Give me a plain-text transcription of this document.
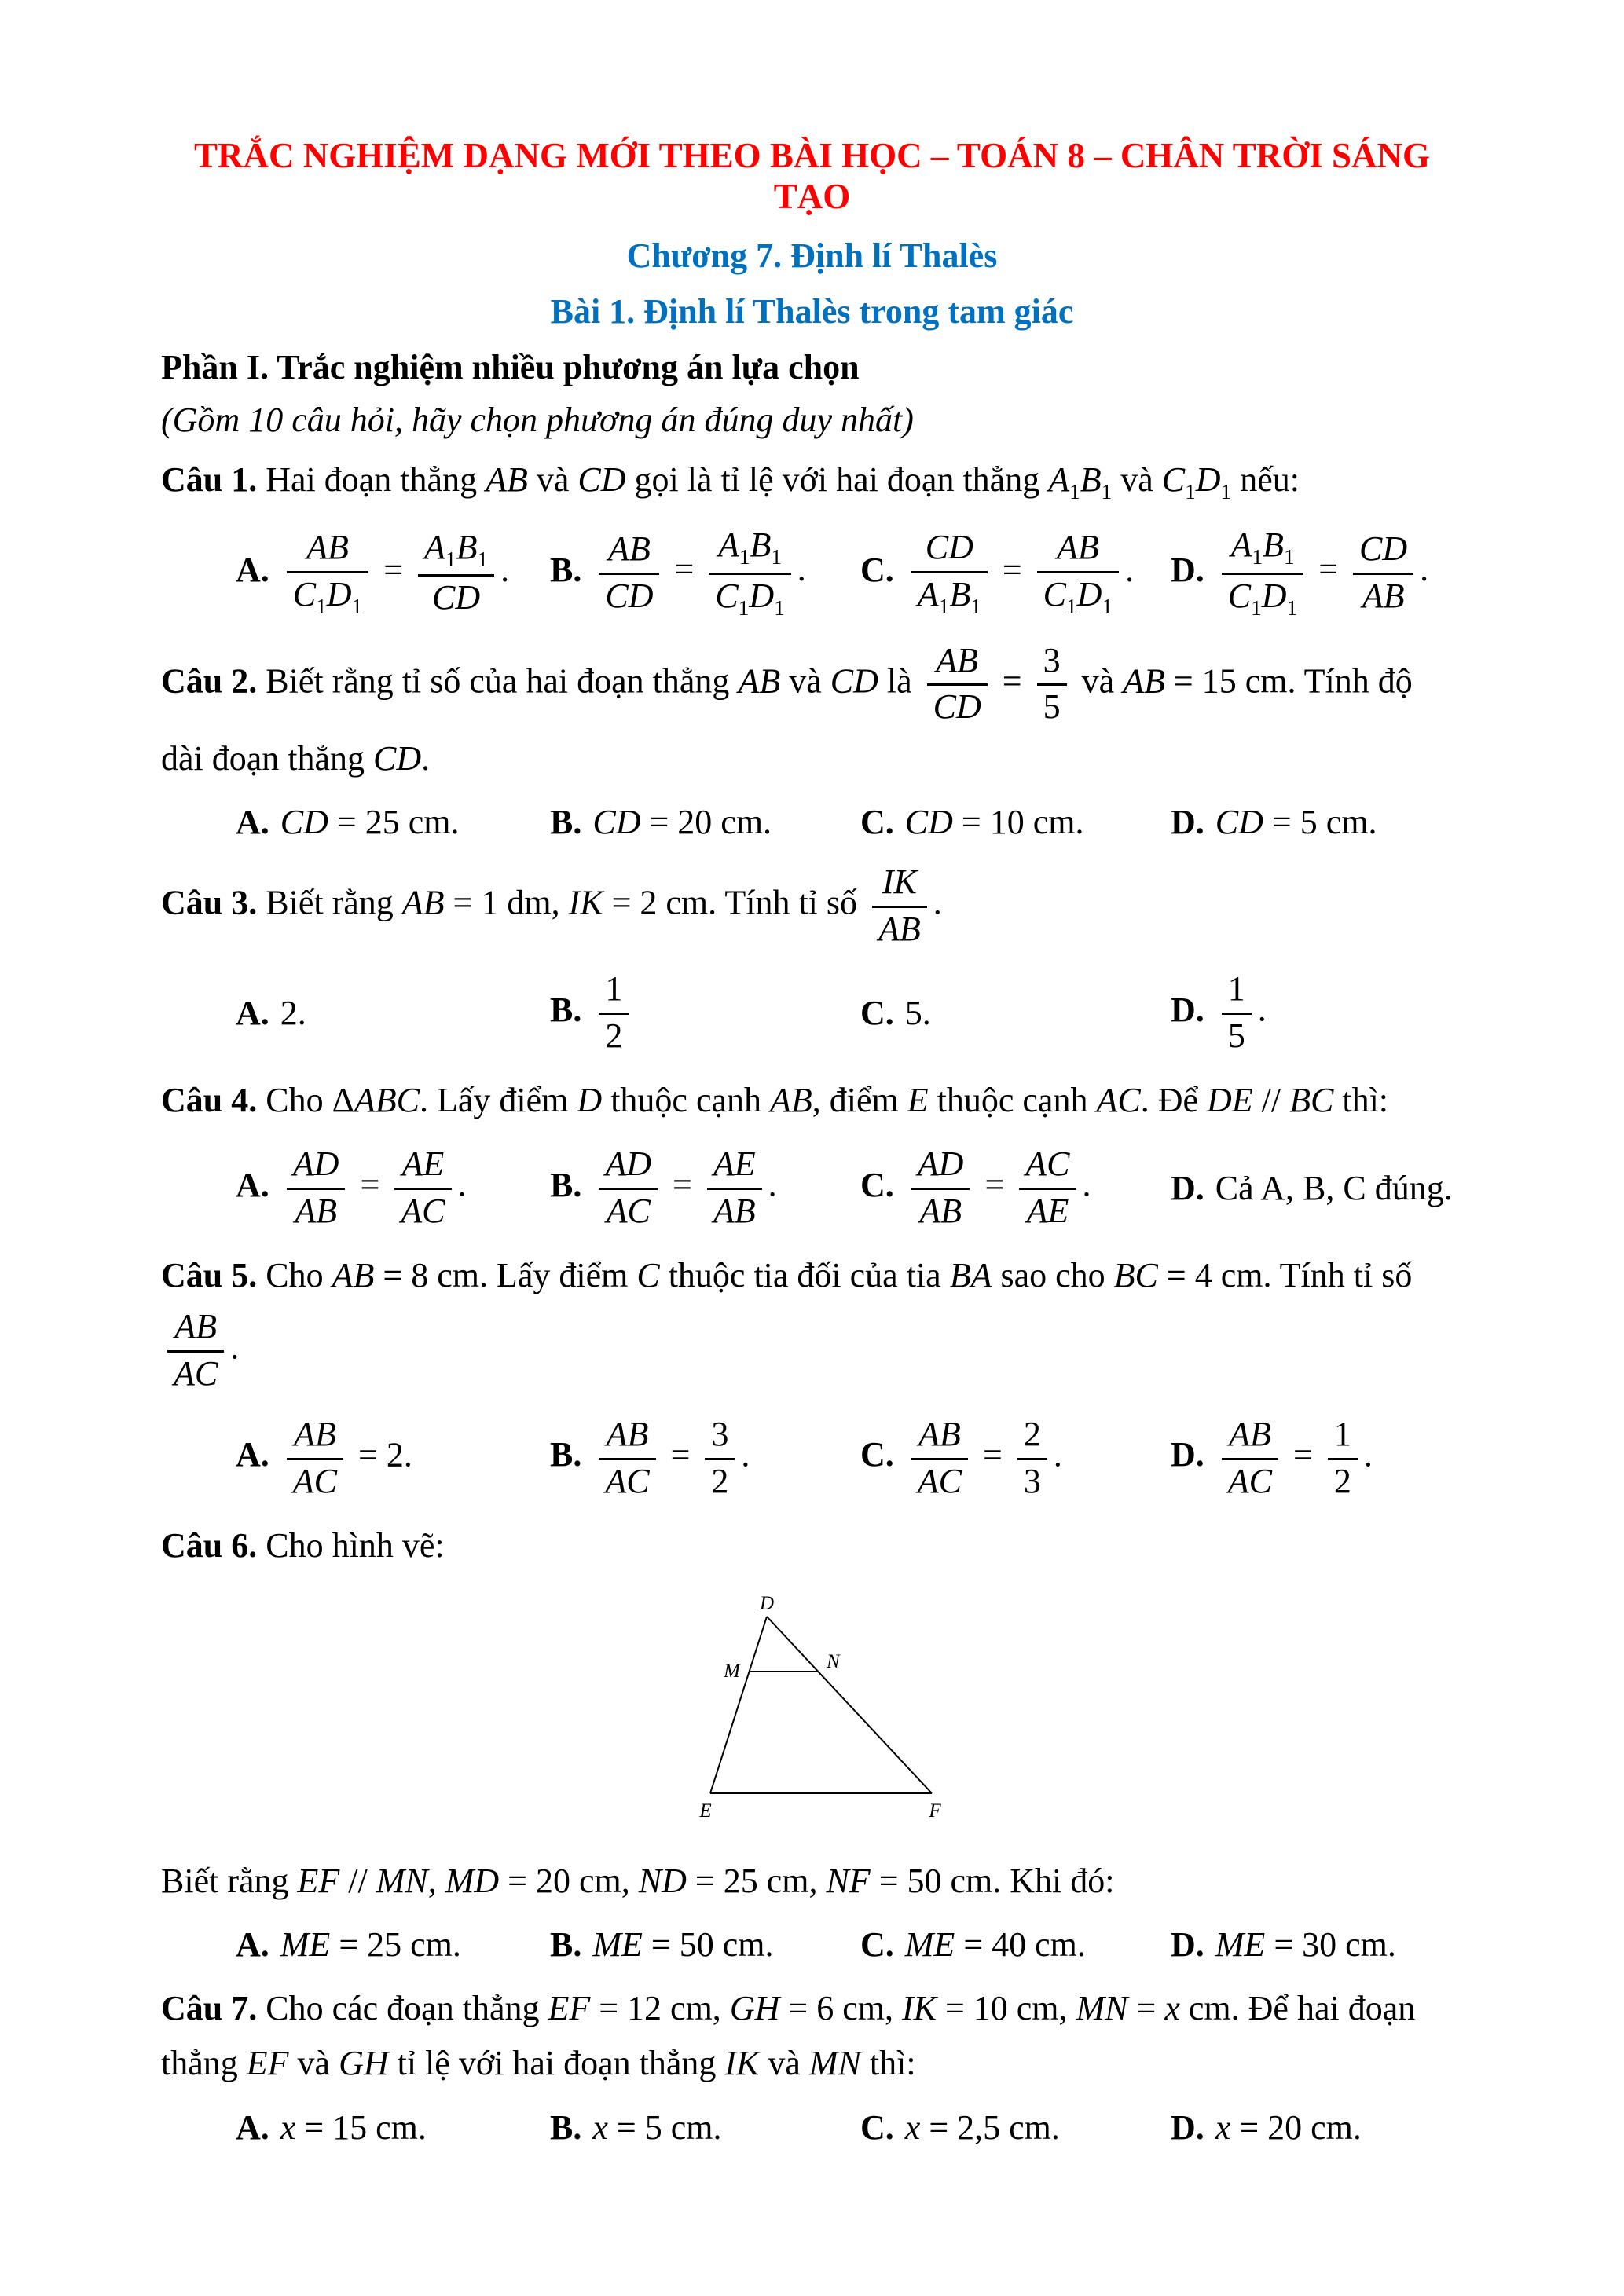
TRẮC NGHIỆM DẠNG MỚI THEO BÀI HỌC – TOÁN 8 – CHÂN TRỜI SÁNG TẠO
Chương 7. Định lí Thalès
Bài 1. Định lí Thalès trong tam giác
Phần I. Trắc nghiệm nhiều phương án lựa chọn
(Gồm 10 câu hỏi, hãy chọn phương án đúng duy nhất)
Câu 1. Hai đoạn thẳng AB và CD gọi là tỉ lệ với hai đoạn thẳng $A_1B_1$ và $C_1D_1$ nếu:
A. $\frac{AB}{C_1D_1} = \frac{A_1B_1}{CD}$ .	B. $\frac{AB}{CD} = \frac{A_1B_1}{C_1D_1}$ .	C. $\frac{CD}{A_1B_1} = \frac{AB}{C_1D_1}$ .	D. $\frac{A_1B_1}{C_1D_1} = \frac{CD}{AB}$ .
Câu 2. Biết rằng tỉ số của hai đoạn thẳng AB và CD là $\frac{AB}{CD} = \frac{3}{5}$ và AB = 15 cm. Tính độ dài đoạn thẳng CD.
A. CD = 25 cm.	B. CD = 20 cm.	C. CD = 10 cm.	D. CD = 5 cm.
Câu 3. Biết rằng AB = 1 dm, IK = 2 cm. Tính tỉ số $\frac{IK}{AB}$ .
A. 2.	B. $\frac{1}{2}$	C. 5.	D. $\frac{1}{5}$ .
Câu 4. Cho ΔABC. Lấy điểm D thuộc cạnh AB, điểm E thuộc cạnh AC. Để DE // BC thì:
A. $\frac{AD}{AB} = \frac{AE}{AC}$ .	B. $\frac{AD}{AC} = \frac{AE}{AB}$ .	C. $\frac{AD}{AB} = \frac{AC}{AE}$ .	D. Cả A, B, C đúng.
Câu 5. Cho AB = 8 cm. Lấy điểm C thuộc tia đối của tia BA sao cho BC = 4 cm. Tính tỉ số
$\frac{AB}{AC}$ .
A. $\frac{AB}{AC} = 2$.	B. $\frac{AB}{AC} = \frac{3}{2}$ .	C. $\frac{AB}{AC} = \frac{2}{3}$ .	D. $\frac{AB}{AC} = \frac{1}{2}$ .
Câu 6. Cho hình vẽ:
D
M	N
E	F
Biết rằng EF // MN, MD = 20 cm, ND = 25 cm, NF = 50 cm. Khi đó:
A. ME = 25 cm.	B. ME = 50 cm.	C. ME = 40 cm.	D. ME = 30 cm.
Câu 7. Cho các đoạn thẳng EF = 12 cm, GH = 6 cm, IK = 10 cm, MN = x cm. Để hai đoạn thẳng EF và GH tỉ lệ với hai đoạn thẳng IK và MN thì:
A. x = 15 cm.	B. x = 5 cm.	C. x = 2,5 cm.	D. x = 20 cm.
